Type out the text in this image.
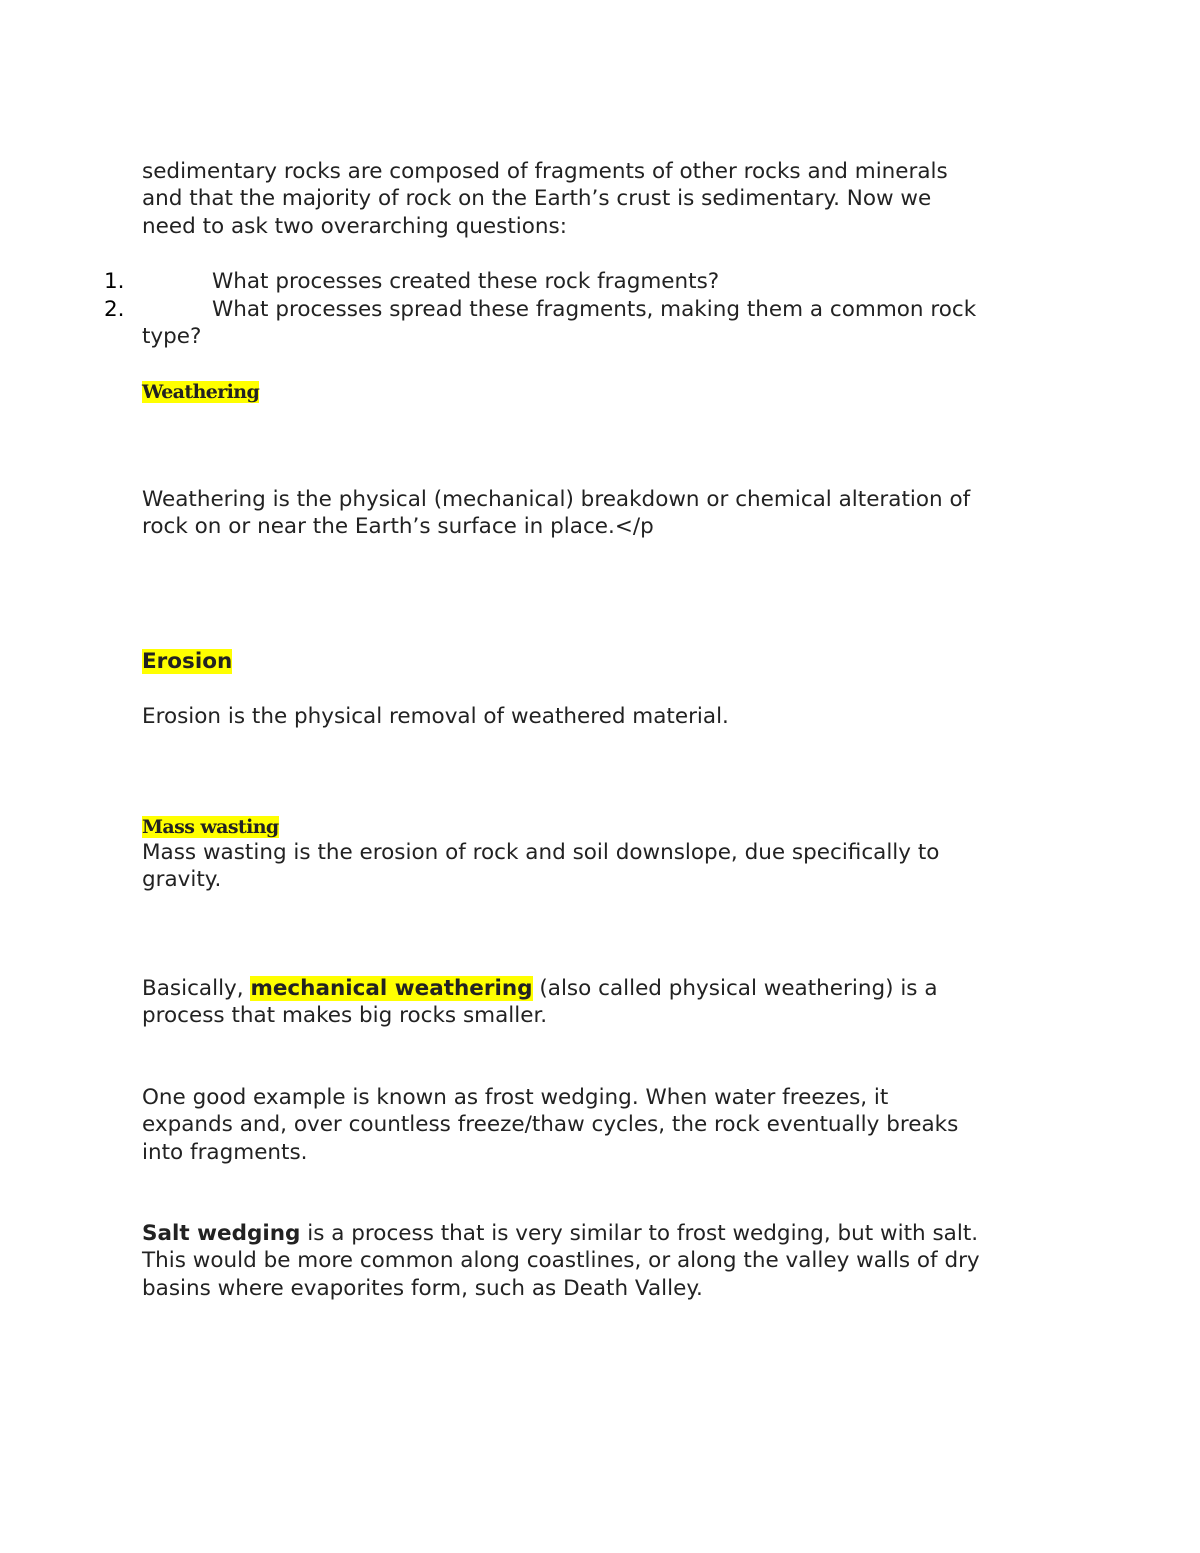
sedimentary rocks are composed of fragments of other rocks and minerals
and that the majority of rock on the Earth’s crust is sedimentary. Now we
need to ask two overarching questions:
1.	What processes created these rock fragments?
2.	What processes spread these fragments, making them a common rock
type?
Weathering
Weathering is the physical (mechanical) breakdown or chemical alteration of
rock on or near the Earth’s surface in place.</p
Erosion
Erosion is the physical removal of weathered material.
Mass wasting
Mass wasting is the erosion of rock and soil downslope, due specifically to
gravity.
Basically, mechanical weathering (also called physical weathering) is a
process that makes big rocks smaller.
One good example is known as frost wedging. When water freezes, it
expands and, over countless freeze/thaw cycles, the rock eventually breaks
into fragments.
Salt wedging is a process that is very similar to frost wedging, but with salt.
This would be more common along coastlines, or along the valley walls of dry
basins where evaporites form, such as Death Valley.
